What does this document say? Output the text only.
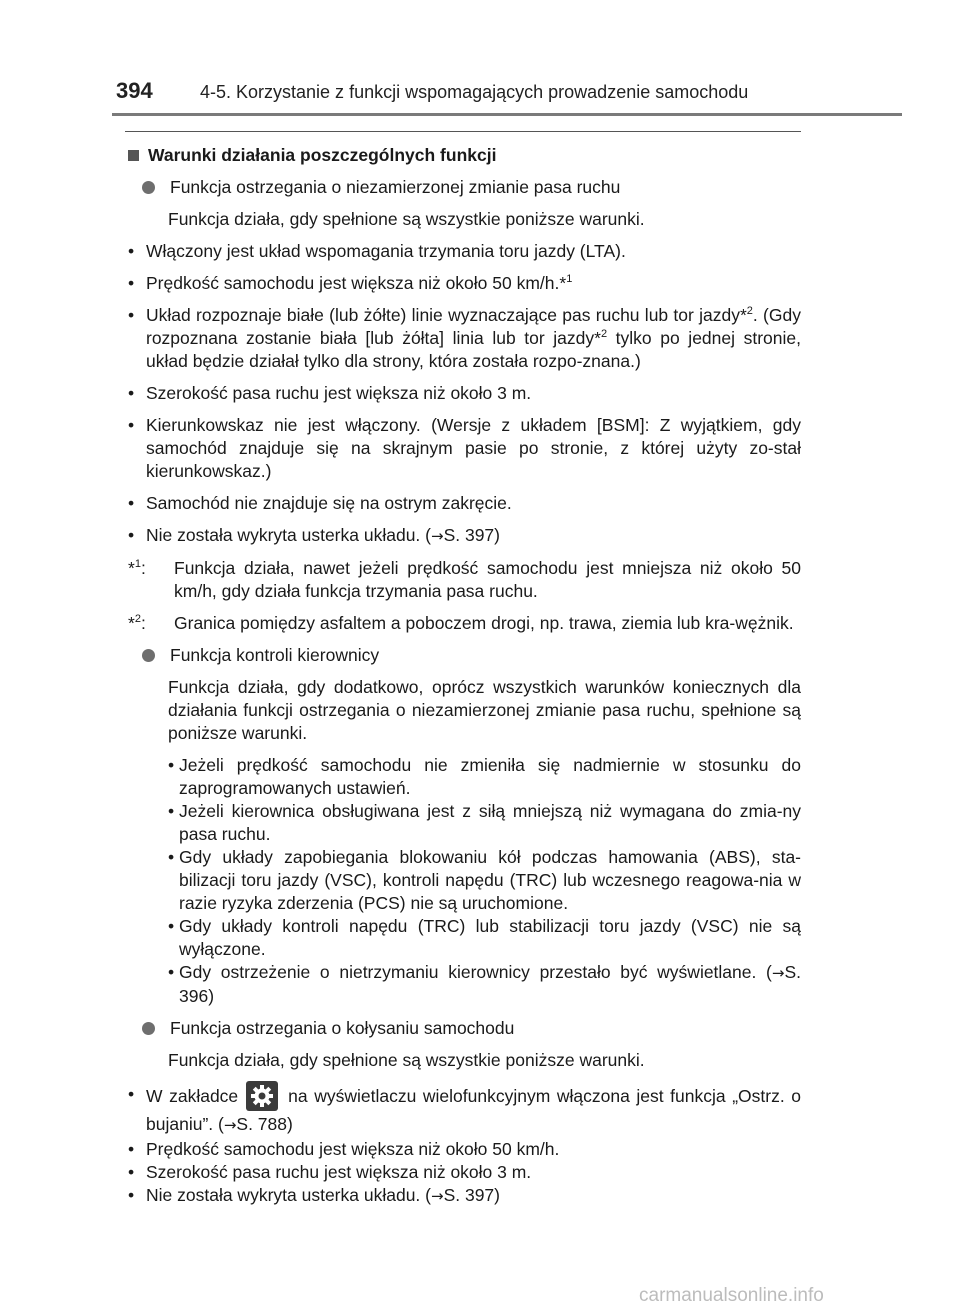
394	4-5. Korzystanie z funkcji wspomagających prowadzenie samochodu
Warunki działania poszczególnych funkcji
Funkcja ostrzegania o niezamierzonej zmianie pasa ruchu
Funkcja działa, gdy spełnione są wszystkie poniższe warunki.
• Włączony jest układ wspomagania trzymania toru jazdy (LTA).
• Prędkość samochodu jest większa niż około 50 km/h.*$^1$
• Układ rozpoznaje białe (lub żółte) linie wyznaczające pas ruchu lub tor jazdy*$^2$. (Gdy rozpoznana zostanie biała [lub żółta] linia lub tor jazdy*$^2$ tylko po jednej stronie, układ będzie działał tylko dla strony, która została rozpo-znana.)
• Szerokość pasa ruchu jest większa niż około 3 m.
• Kierunkowskaz nie jest włączony. (Wersje z układem [BSM]: Z wyjątkiem, gdy samochód znajduje się na skrajnym pasie po stronie, z której użyty zo-stał kierunkowskaz.)
• Samochód nie znajduje się na ostrym zakręcie.
• Nie została wykryta usterka układu. (→S. 397)
*$^1$: Funkcja działa, nawet jeżeli prędkość samochodu jest mniejsza niż około 50 km/h, gdy działa funkcja trzymania pasa ruchu.
*$^2$: Granica pomiędzy asfaltem a poboczem drogi, np. trawa, ziemia lub kra-wężnik.
Funkcja kontroli kierownicy
Funkcja działa, gdy dodatkowo, oprócz wszystkich warunków koniecznych dla działania funkcji ostrzegania o niezamierzonej zmianie pasa ruchu, spełnione są poniższe warunki.
• Jeżeli prędkość samochodu nie zmieniła się nadmiernie w stosunku do zaprogramowanych ustawień.
• Jeżeli kierownica obsługiwana jest z siłą mniejszą niż wymagana do zmia-ny pasa ruchu.
• Gdy układy zapobiegania blokowaniu kół podczas hamowania (ABS), sta-bilizacji toru jazdy (VSC), kontroli napędu (TRC) lub wczesnego reagowa-nia w razie ryzyka zderzenia (PCS) nie są uruchomione.
• Gdy układy kontroli napędu (TRC) lub stabilizacji toru jazdy (VSC) nie są wyłączone.
• Gdy ostrzeżenie o nietrzymaniu kierownicy przestało być wyświetlane. (→S. 396)
Funkcja ostrzegania o kołysaniu samochodu
Funkcja działa, gdy spełnione są wszystkie poniższe warunki.
• W zakładce	na wyświetlaczu wielofunkcyjnym włączona jest funkcja „Ostrz. o bujaniu”. (→S. 788)
• Prędkość samochodu jest większa niż około 50 km/h.
• Szerokość pasa ruchu jest większa niż około 3 m.
• Nie została wykryta usterka układu. (→S. 397)
carmanualsonline.info
